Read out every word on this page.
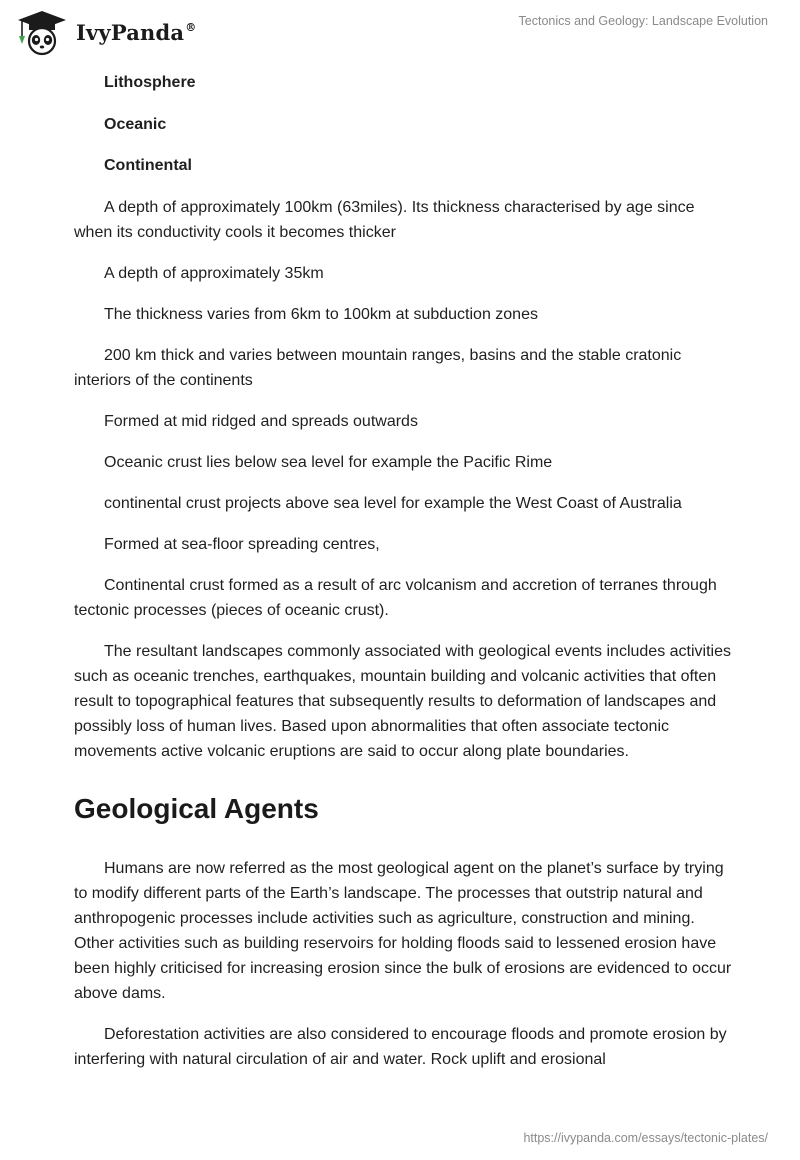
IvyPanda®	Tectonics and Geology: Landscape Evolution

Lithosphere

Oceanic

Continental

A depth of approximately 100km (63miles). Its thickness characterised by age since when its conductivity cools it becomes thicker

A depth of approximately 35km

The thickness varies from 6km to 100km at subduction zones

200 km thick and varies between mountain ranges, basins and the stable cratonic interiors of the continents

Formed at mid ridged and spreads outwards

Oceanic crust lies below sea level for example the Pacific Rime

continental crust projects above sea level for example the West Coast of Australia

Formed at sea-floor spreading centres,

Continental crust formed as a result of arc volcanism and accretion of terranes through tectonic processes (pieces of oceanic crust).

The resultant landscapes commonly associated with geological events includes activities such as oceanic trenches, earthquakes, mountain building and volcanic activities that often result to topographical features that subsequently results to deformation of landscapes and possibly loss of human lives. Based upon abnormalities that often associate tectonic movements active volcanic eruptions are said to occur along plate boundaries.

Geological Agents

Humans are now referred as the most geological agent on the planet’s surface by trying to modify different parts of the Earth’s landscape. The processes that outstrip natural and anthropogenic processes include activities such as agriculture, construction and mining. Other activities such as building reservoirs for holding floods said to lessened erosion have been highly criticised for increasing erosion since the bulk of erosions are evidenced to occur above dams.

Deforestation activities are also considered to encourage floods and promote erosion by interfering with natural circulation of air and water. Rock uplift and erosional

https://ivypanda.com/essays/tectonic-plates/
